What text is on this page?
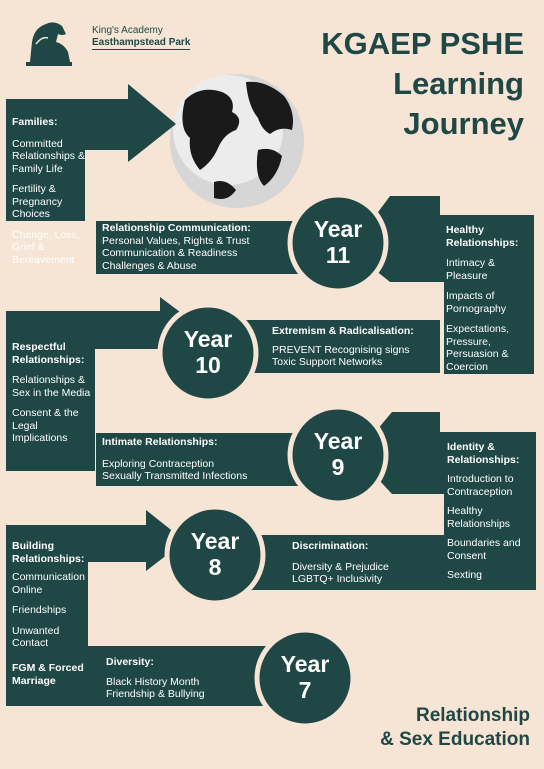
King's Academy
Easthampstead Park	KGAEP PSHE
Learning
Journey
Year
11
Year
10
Year
9
Year
8
Year
7
Families:
Committed Relationships & Family Life
Fertility & Pregnancy Choices
Change, Loss, Grief & Bereavement
Relationship Communication:
Personal Values, Rights & Trust
Communication & Readiness
Challenges & Abuse
Healthy Relationships:
Intimacy & Pleasure
Impacts of Pornography
Expectations, Pressure, Persuasion & Coercion
Respectful Relationships:
Relationships & Sex in the Media
Consent & the Legal Implications
Extremism & Radicalisation:
PREVENT Recognising signs
Toxic Support Networks
Intimate Relationships:
Exploring Contraception
Sexually Transmitted Infections
Identity & Relationships:
Introduction to Contraception
Healthy Relationships
Boundaries and Consent
Sexting
Building Relationships:
Communication Online
Friendships
Unwanted Contact
Discrimination:
Diversity & Prejudice
LGBTQ+ Inclusivity
FGM & Forced Marriage
Diversity:
Black History Month
Friendship & Bullying
Relationship
& Sex Education
